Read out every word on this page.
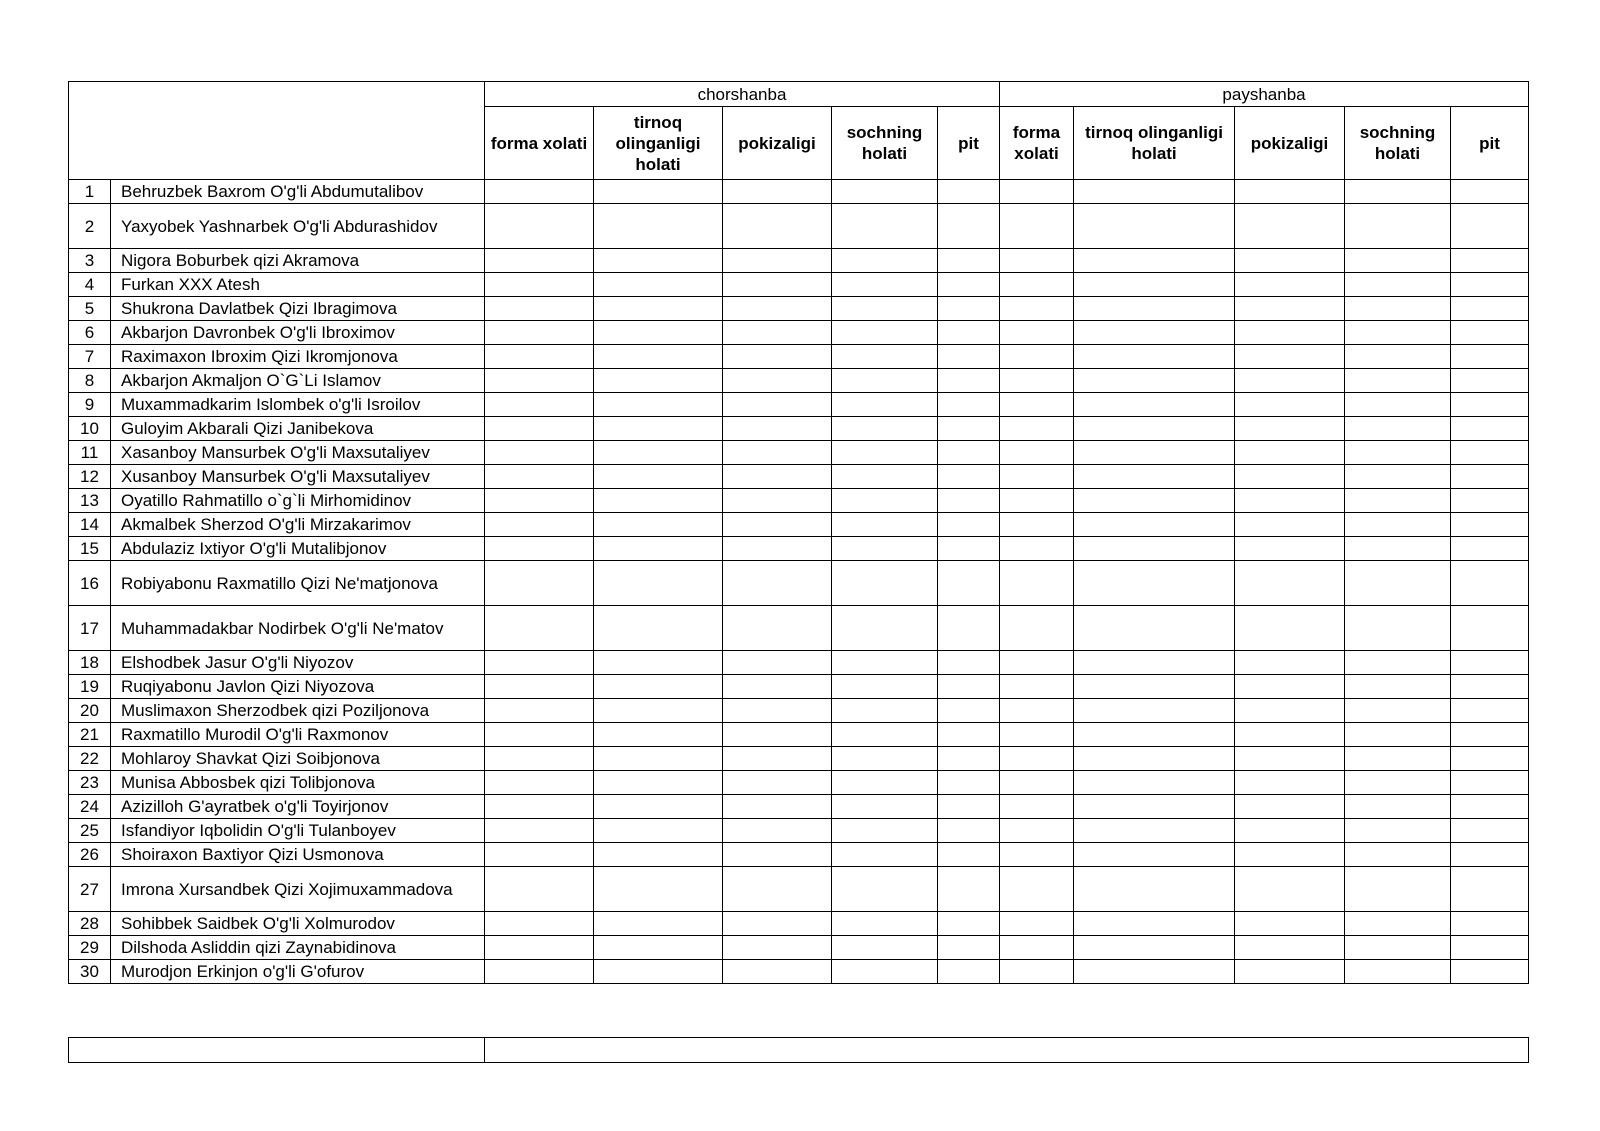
		chorshanba					payshanba				
		forma xolati	tirnoq olinganligi holati	pokizaligi	sochning holati	pit	forma xolati	tirnoq olinganligi holati	pokizaligi	sochning holati	pit
1	Behruzbek Baxrom O'g'li Abdumutalibov										
2	Yaxyobek Yashnarbek O'g'li Abdurashidov										
3	Nigora Boburbek qizi Akramova										
4	Furkan XXX Atesh										
5	Shukrona Davlatbek Qizi Ibragimova										
6	Akbarjon Davronbek O'g'li Ibroximov										
7	Raximaxon Ibroxim Qizi Ikromjonova										
8	Akbarjon Akmaljon O`G`Li Islamov										
9	Muxammadkarim Islombek o'g'li Isroilov										
10	Guloyim Akbarali Qizi Janibekova										
11	Xasanboy Mansurbek O'g'li Maxsutaliyev										
12	Xusanboy Mansurbek O'g'li Maxsutaliyev										
13	Oyatillo Rahmatillo o`g`li Mirhomidinov										
14	Akmalbek Sherzod O'g'li Mirzakarimov										
15	Abdulaziz Ixtiyor O'g'li Mutalibjonov										
16	Robiyabonu Raxmatillo Qizi Ne'matjonova										
17	Muhammadakbar Nodirbek O'g'li Ne'matov										
18	Elshodbek Jasur O'g'li Niyozov										
19	Ruqiyabonu Javlon Qizi Niyozova										
20	Muslimaxon Sherzodbek qizi Poziljonova										
21	Raxmatillo Murodil O'g'li Raxmonov										
22	Mohlaroy Shavkat Qizi Soibjonova										
23	Munisa Abbosbek qizi Tolibjonova										
24	Azizilloh G'ayratbek o'g'li Toyirjonov										
25	Isfandiyor Iqbolidin O'g'li Tulanboyev										
26	Shoiraxon Baxtiyor Qizi Usmonova										
27	Imrona Xursandbek Qizi Xojimuxammadova										
28	Sohibbek Saidbek O'g'li Xolmurodov										
29	Dilshoda Asliddin qizi Zaynabidinova										
30	Murodjon Erkinjon o'g'li G'ofurov										
